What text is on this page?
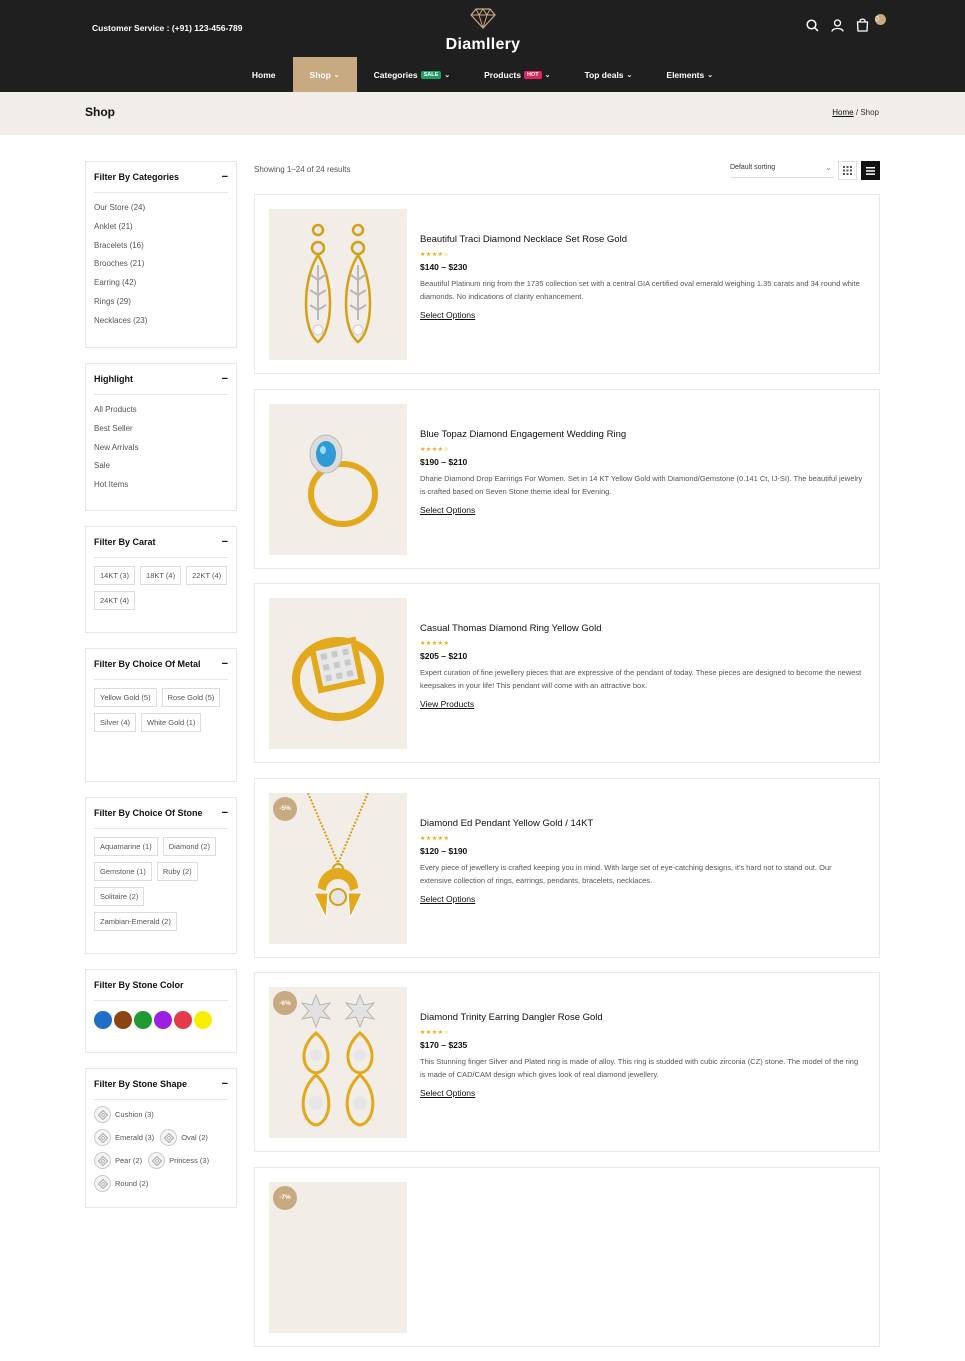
Customer Service : (+91) 123-456-789
Diamllery
0
Home	Shop ⌄	Categories	SALE ⌄	Products	HOT ⌄	Top deals ⌄	Elements ⌄
Shop	Home / Shop
Filter By Categories	−
Our Store (24)
Anklet (21)
Bracelets (16)
Brooches (21)
Earring (42)
Rings (29)
Necklaces (23)
Highlight	−
All Products
Best Seller
New Arrivals
Sale
Hot Items
Filter By Carat	−
14KT (3)	18KT (4)	22KT (4)
24KT (4)
Filter By Choice Of Metal −
Yellow Gold (5)	Rose Gold (5)
Silver (4)	White Gold (1)
Filter By Choice Of Stone −
Aquamarine (1)	Diamond (2)
Gemstone (1)	Ruby (2)
Solitaire (2)
Zambian-Emerald (2)
Filter By Stone Color
Filter By Stone Shape	−
Cushion (3)
Emerald (3)	Oval (2)
Pear (2)	Princess (3)
Round (2)
Showing 1–24 of 24 results	Default sorting	⌄
Beautiful Traci Diamond Necklace Set Rose Gold
★★★★☆
$140 – $230
Beautiful Platinum ring from the 1735 collection set with a central GIA certified oval emerald weighing 1.35 carats and 34 round white diamonds. No indications of clarity enhancement.
Select Options
Blue Topaz Diamond Engagement Wedding Ring
★★★★☆
$190 – $210
Dharie Diamond Drop Earrings For Women. Set in 14 KT Yellow Gold with Diamond/Gemstone (0.141 Ct, IJ-SI). The beautiful jewelry is crafted based on Seven Stone theme ideal for Evening.
Select Options
Casual Thomas Diamond Ring Yellow Gold
★★★★★
$205 – $210
Expert curation of fine jewellery pieces that are expressive of the pendant of today. These pieces are designed to become the newest keepsakes in your life! This pendant will come with an attractive box.
View Products
-5%
Diamond Ed Pendant Yellow Gold / 14KT
★★★★★
$120 – $190
Every piece of jewellery is crafted keeping you in mind. With large set of eye-catching designs, it's hard not to stand out. Our extensive collection of rings, earrings, pendants, bracelets, necklaces.
Select Options
-6%
Diamond Trinity Earring Dangler Rose Gold
★★★★☆
$170 – $235
This Stunning finger Silver and Plated ring is made of alloy. This ring is studded with cubic zirconia (CZ) stone. The model of the ring is made of CAD/CAM design which gives look of real diamond jewellery.
Select Options
-7%
